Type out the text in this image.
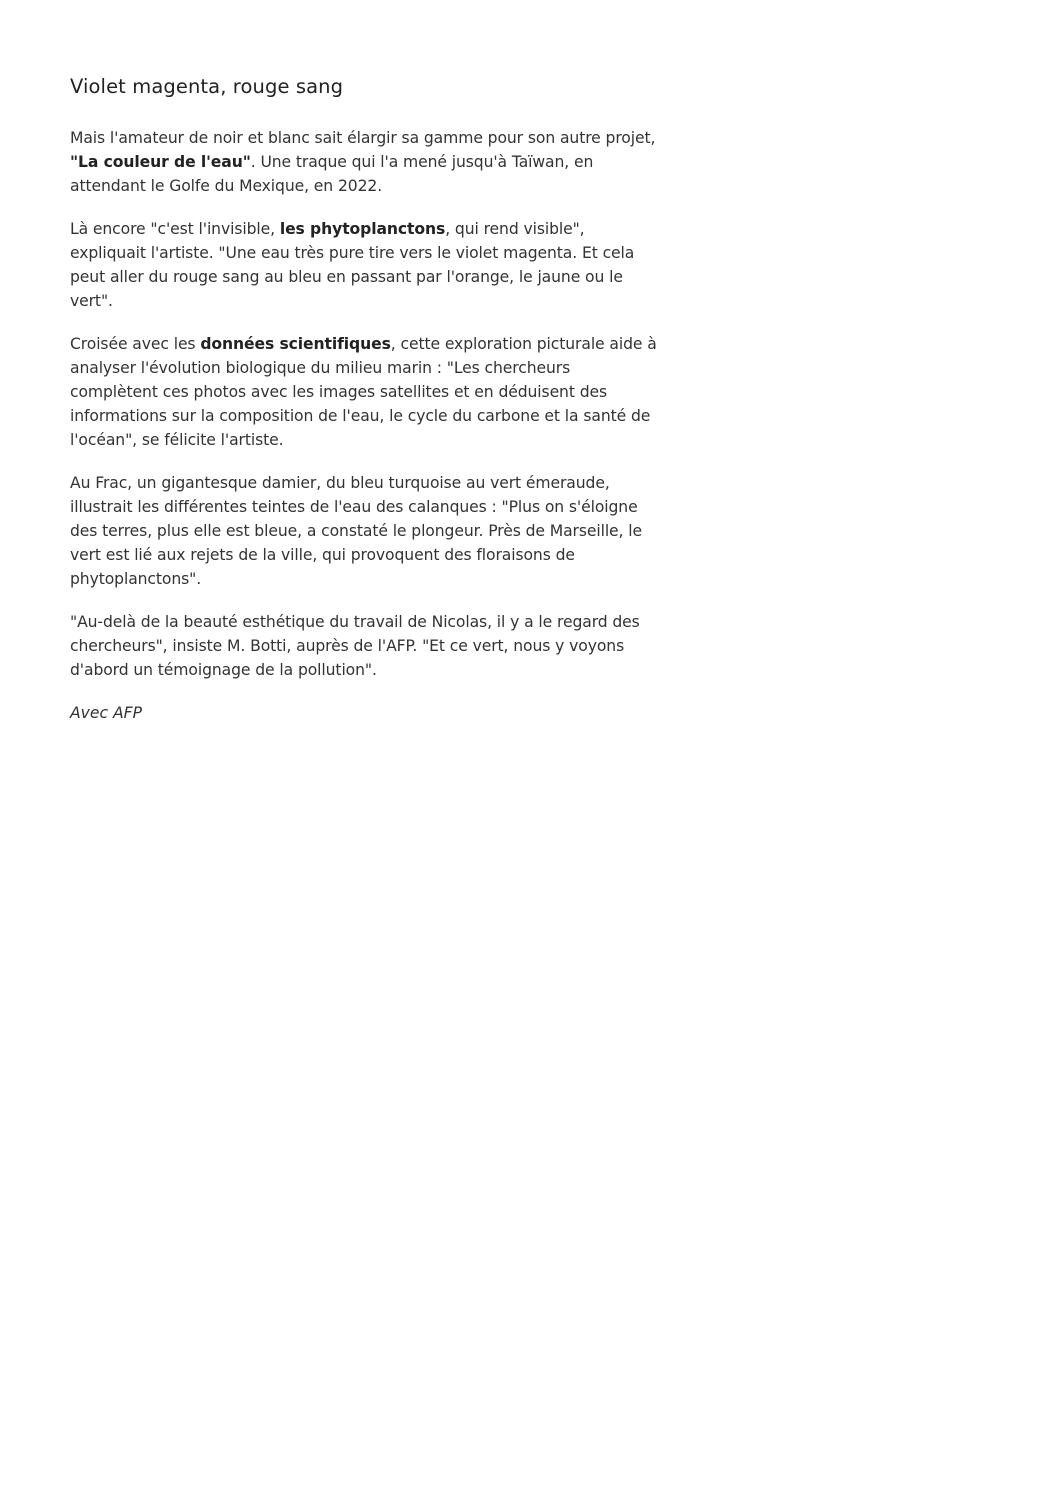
Violet magenta, rouge sang

Mais l'amateur de noir et blanc sait élargir sa gamme pour son autre projet, "La couleur de l'eau". Une traque qui l'a mené jusqu'à Taïwan, en attendant le Golfe du Mexique, en 2022.

Là encore "c'est l'invisible, les phytoplanctons, qui rend visible", expliquait l'artiste. "Une eau très pure tire vers le violet magenta. Et cela peut aller du rouge sang au bleu en passant par l'orange, le jaune ou le vert".

Croisée avec les données scientifiques, cette exploration picturale aide à analyser l'évolution biologique du milieu marin : "Les chercheurs complètent ces photos avec les images satellites et en déduisent des informations sur la composition de l'eau, le cycle du carbone et la santé de l'océan", se félicite l'artiste.

Au Frac, un gigantesque damier, du bleu turquoise au vert émeraude, illustrait les différentes teintes de l'eau des calanques : "Plus on s'éloigne des terres, plus elle est bleue, a constaté le plongeur. Près de Marseille, le vert est lié aux rejets de la ville, qui provoquent des floraisons de phytoplanctons".

"Au-delà de la beauté esthétique du travail de Nicolas, il y a le regard des chercheurs", insiste M. Botti, auprès de l'AFP. "Et ce vert, nous y voyons d'abord un témoignage de la pollution".

Avec AFP
